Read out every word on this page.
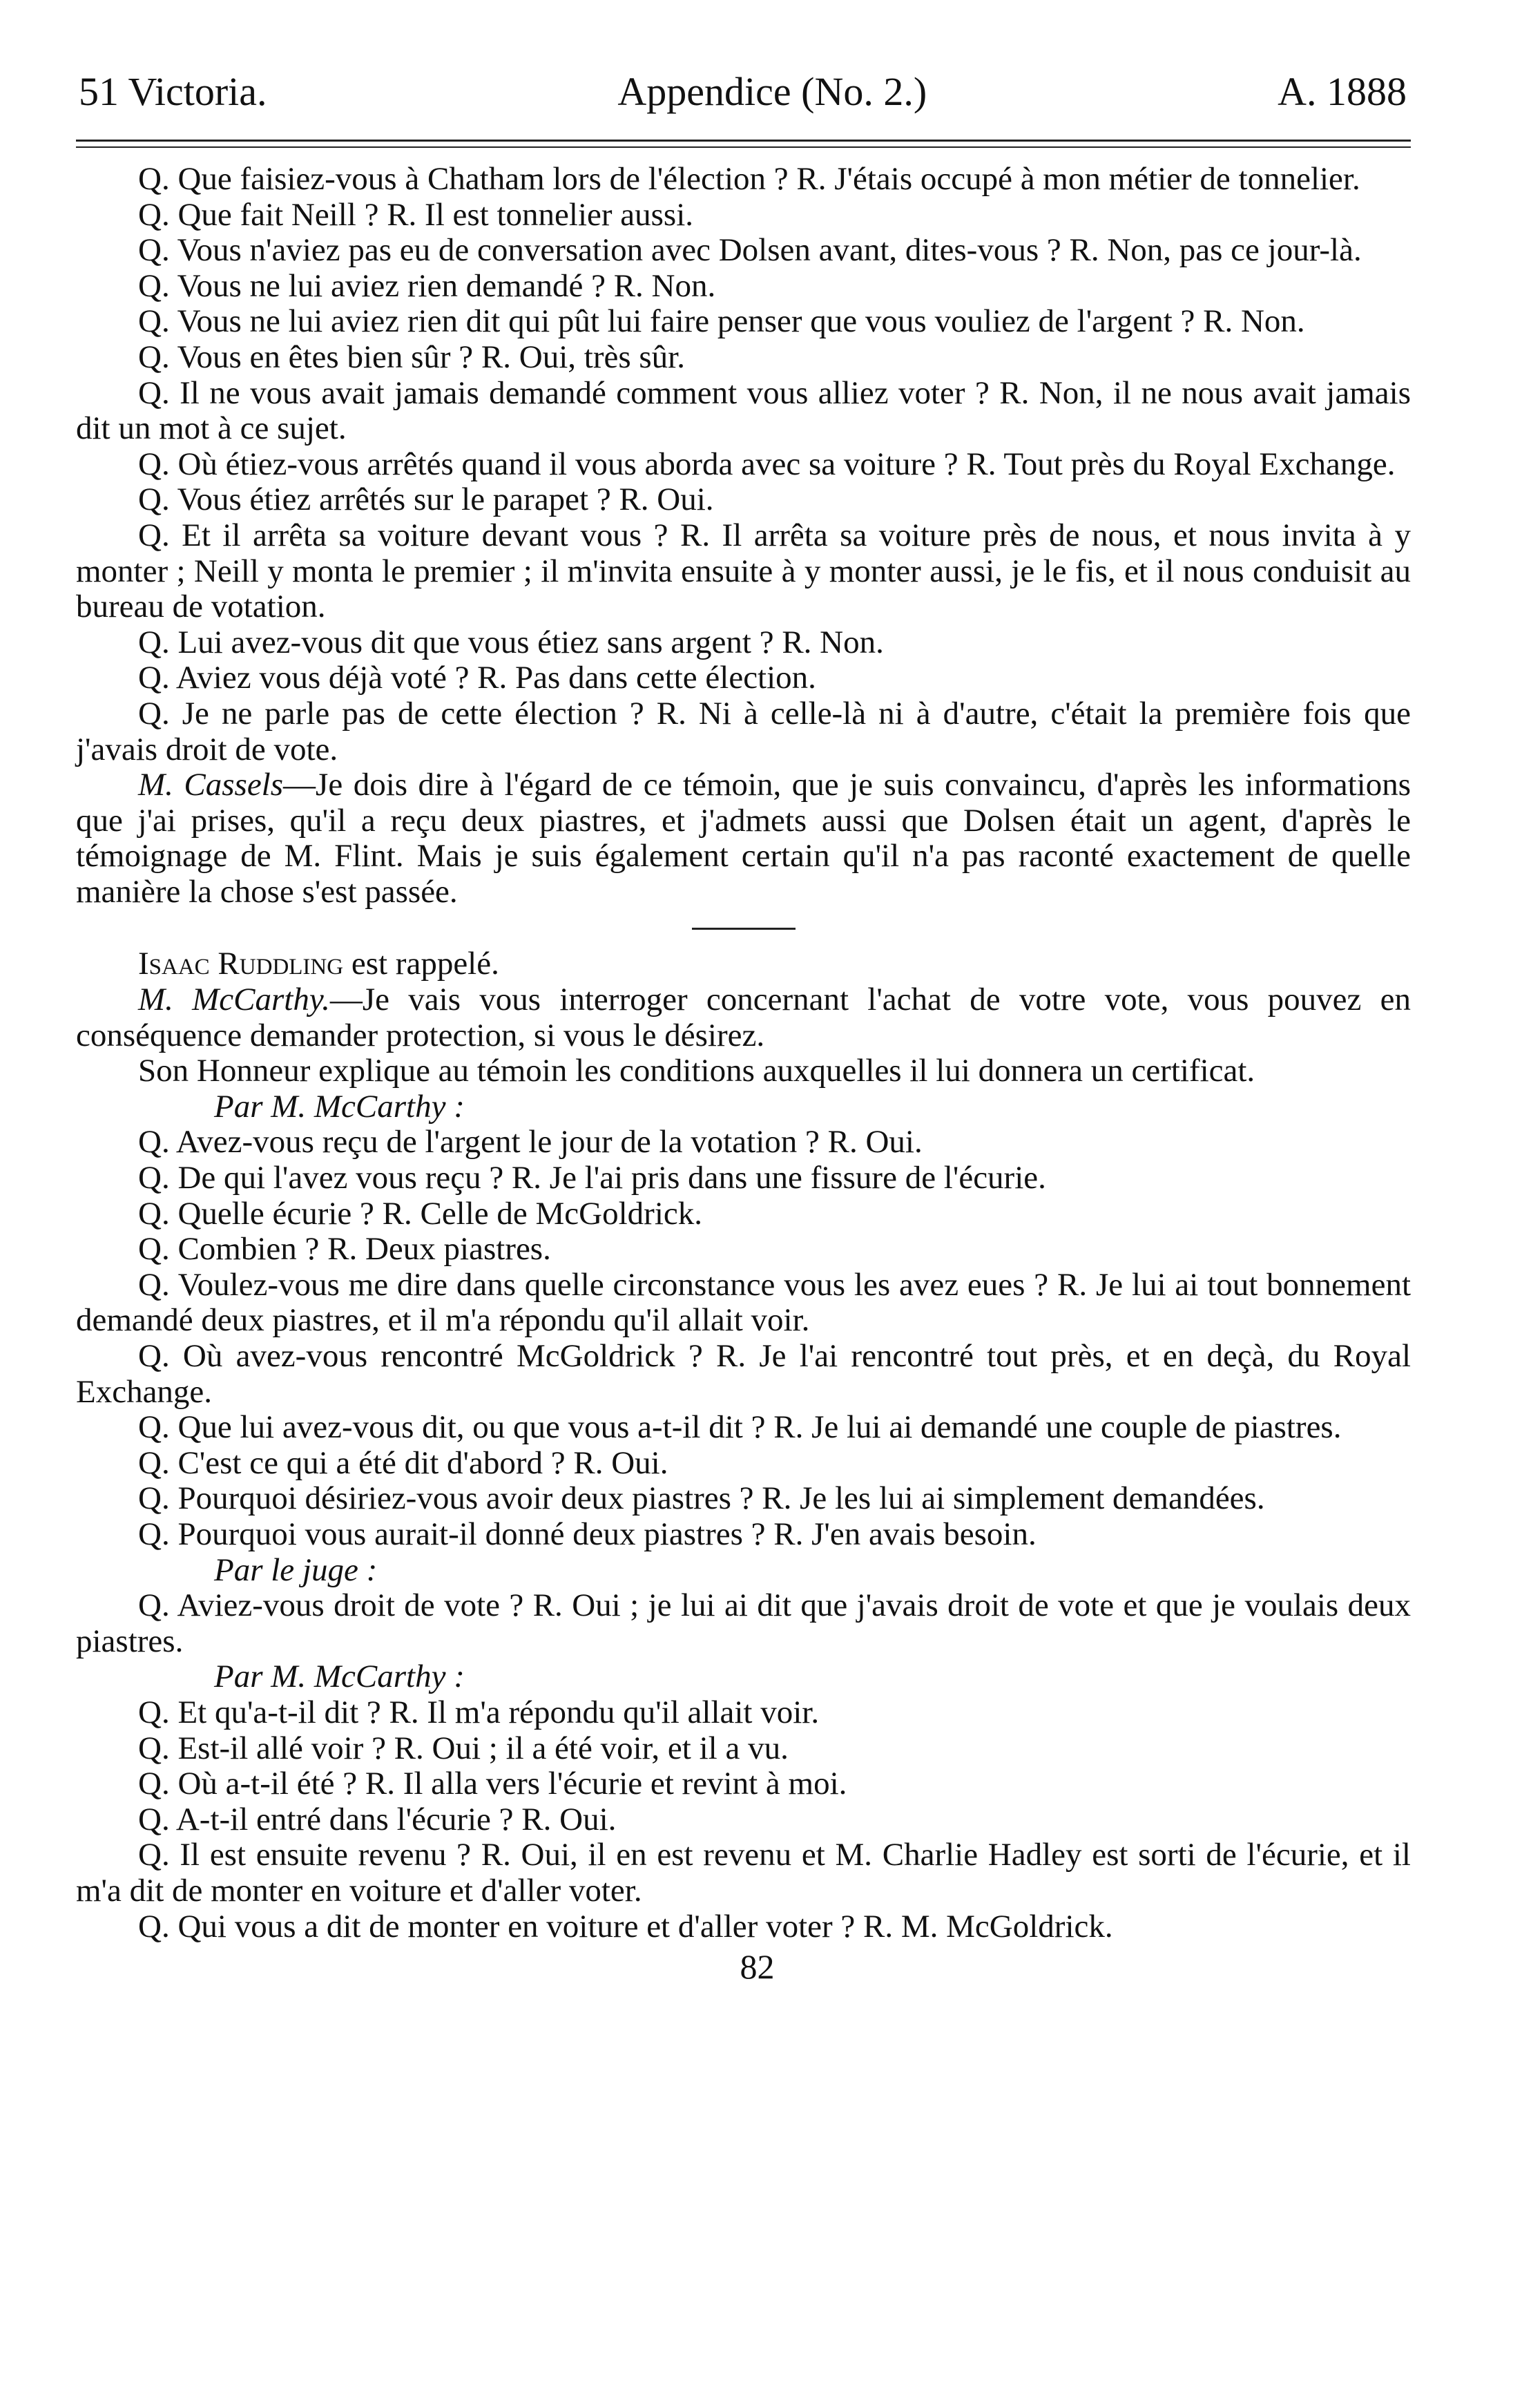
51 Victoria.	Appendice (No. 2.)	A. 1888

Q. Que faisiez-vous à Chatham lors de l'élection ? R. J'étais occupé à mon métier de tonnelier.

Q. Que fait Neill ? R. Il est tonnelier aussi.

Q. Vous n'aviez pas eu de conversation avec Dolsen avant, dites-vous ? R. Non, pas ce jour-là.

Q. Vous ne lui aviez rien demandé ? R. Non.

Q. Vous ne lui aviez rien dit qui pût lui faire penser que vous vouliez de l'argent ? R. Non.

Q. Vous en êtes bien sûr ? R. Oui, très sûr.

Q. Il ne vous avait jamais demandé comment vous alliez voter ? R. Non, il ne nous avait jamais dit un mot à ce sujet.

Q. Où étiez-vous arrêtés quand il vous aborda avec sa voiture ? R. Tout près du Royal Exchange.

Q. Vous étiez arrêtés sur le parapet ? R. Oui.

Q. Et il arrêta sa voiture devant vous ? R. Il arrêta sa voiture près de nous, et nous invita à y monter ; Neill y monta le premier ; il m'invita ensuite à y monter aussi, je le fis, et il nous conduisit au bureau de votation.

Q. Lui avez-vous dit que vous étiez sans argent ? R. Non.

Q. Aviez vous déjà voté ? R. Pas dans cette élection.

Q. Je ne parle pas de cette élection ? R. Ni à celle-là ni à d'autre, c'était la première fois que j'avais droit de vote.

M. Cassels—Je dois dire à l'égard de ce témoin, que je suis convaincu, d'après les informations que j'ai prises, qu'il a reçu deux piastres, et j'admets aussi que Dolsen était un agent, d'après le témoignage de M. Flint. Mais je suis également certain qu'il n'a pas raconté exactement de quelle manière la chose s'est passée.

Isaac Ruddling est rappelé.

M. McCarthy.—Je vais vous interroger concernant l'achat de votre vote, vous pouvez en conséquence demander protection, si vous le désirez.

Son Honneur explique au témoin les conditions auxquelles il lui donnera un certificat.

Par M. McCarthy :

Q. Avez-vous reçu de l'argent le jour de la votation ? R. Oui.

Q. De qui l'avez vous reçu ? R. Je l'ai pris dans une fissure de l'écurie.

Q. Quelle écurie ? R. Celle de McGoldrick.

Q. Combien ? R. Deux piastres.

Q. Voulez-vous me dire dans quelle circonstance vous les avez eues ? R. Je lui ai tout bonnement demandé deux piastres, et il m'a répondu qu'il allait voir.

Q. Où avez-vous rencontré McGoldrick ? R. Je l'ai rencontré tout près, et en deçà, du Royal Exchange.

Q. Que lui avez-vous dit, ou que vous a-t-il dit ? R. Je lui ai demandé une couple de piastres.

Q. C'est ce qui a été dit d'abord ? R. Oui.

Q. Pourquoi désiriez-vous avoir deux piastres ? R. Je les lui ai simplement demandées.

Q. Pourquoi vous aurait-il donné deux piastres ? R. J'en avais besoin.

Par le juge :

Q. Aviez-vous droit de vote ? R. Oui ; je lui ai dit que j'avais droit de vote et que je voulais deux piastres.

Par M. McCarthy :

Q. Et qu'a-t-il dit ? R. Il m'a répondu qu'il allait voir.

Q. Est-il allé voir ? R. Oui ; il a été voir, et il a vu.

Q. Où a-t-il été ? R. Il alla vers l'écurie et revint à moi.

Q. A-t-il entré dans l'écurie ? R. Oui.

Q. Il est ensuite revenu ? R. Oui, il en est revenu et M. Charlie Hadley est sorti de l'écurie, et il m'a dit de monter en voiture et d'aller voter.

Q. Qui vous a dit de monter en voiture et d'aller voter ? R. M. McGoldrick.

82
